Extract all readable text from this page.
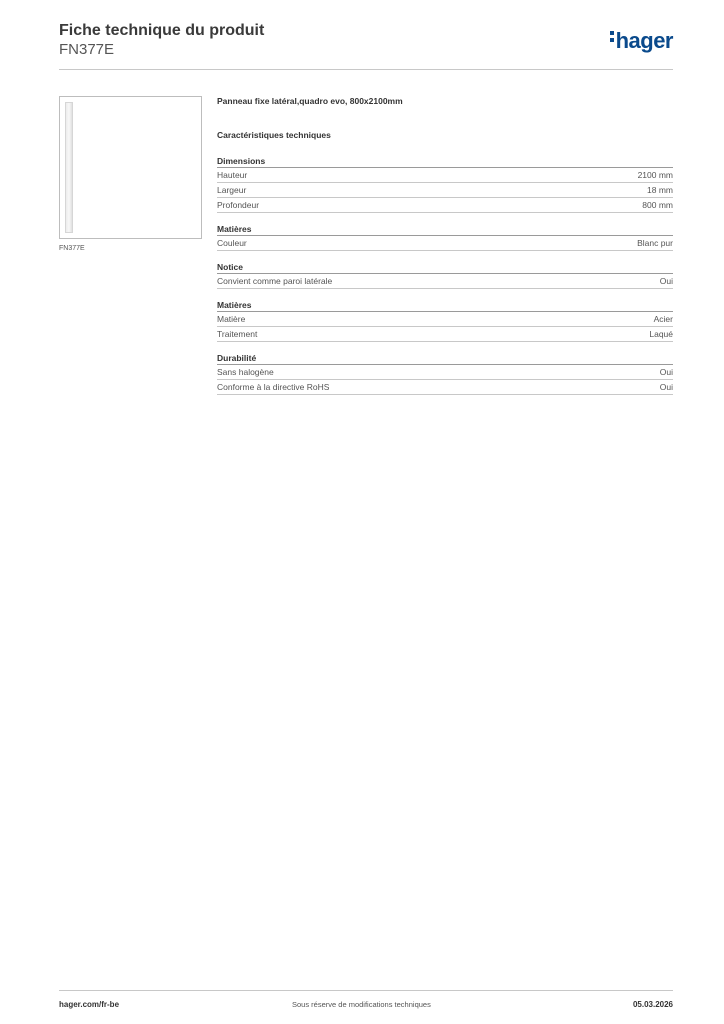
Fiche technique du produit
FN377E	hager
FN377E
Panneau fixe latéral,quadro evo, 800x2100mm
Caractéristiques techniques
Dimensions
Hauteur	2100 mm
Largeur	18 mm
Profondeur	800 mm
Matières
Couleur	Blanc pur
Notice
Convient comme paroi latérale	Oui
Matières
Matière	Acier
Traitement	Laqué
Durabilité
Sans halogène	Oui
Conforme à la directive RoHS	Oui
hager.com/fr-be	Sous réserve de modifications techniques	05.03.2026
